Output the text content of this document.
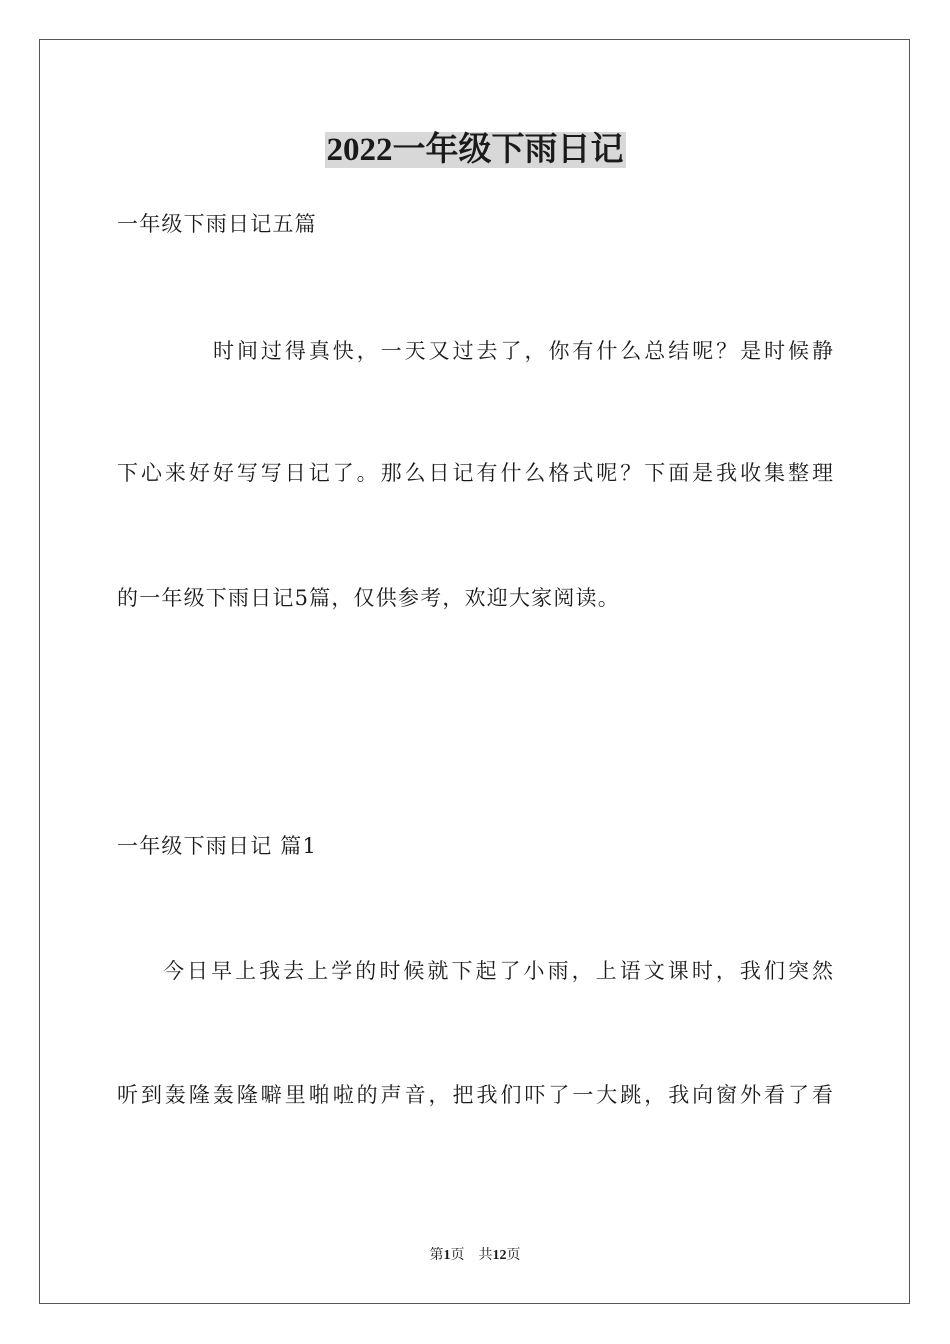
2022一年级下雨日记
一年级下雨日记五篇
时间过得真快，一天又过去了，你有什么总结呢？是时候静
下心来好好写写日记了。那么日记有什么格式呢？下面是我收集整理
的一年级下雨日记5篇，仅供参考，欢迎大家阅读。
一年级下雨日记 篇1
今日早上我去上学的时候就下起了小雨，上语文课时，我们突然
听到轰隆轰隆噼里啪啦的声音，把我们吓了一大跳，我向窗外看了看
第1页　共12页
